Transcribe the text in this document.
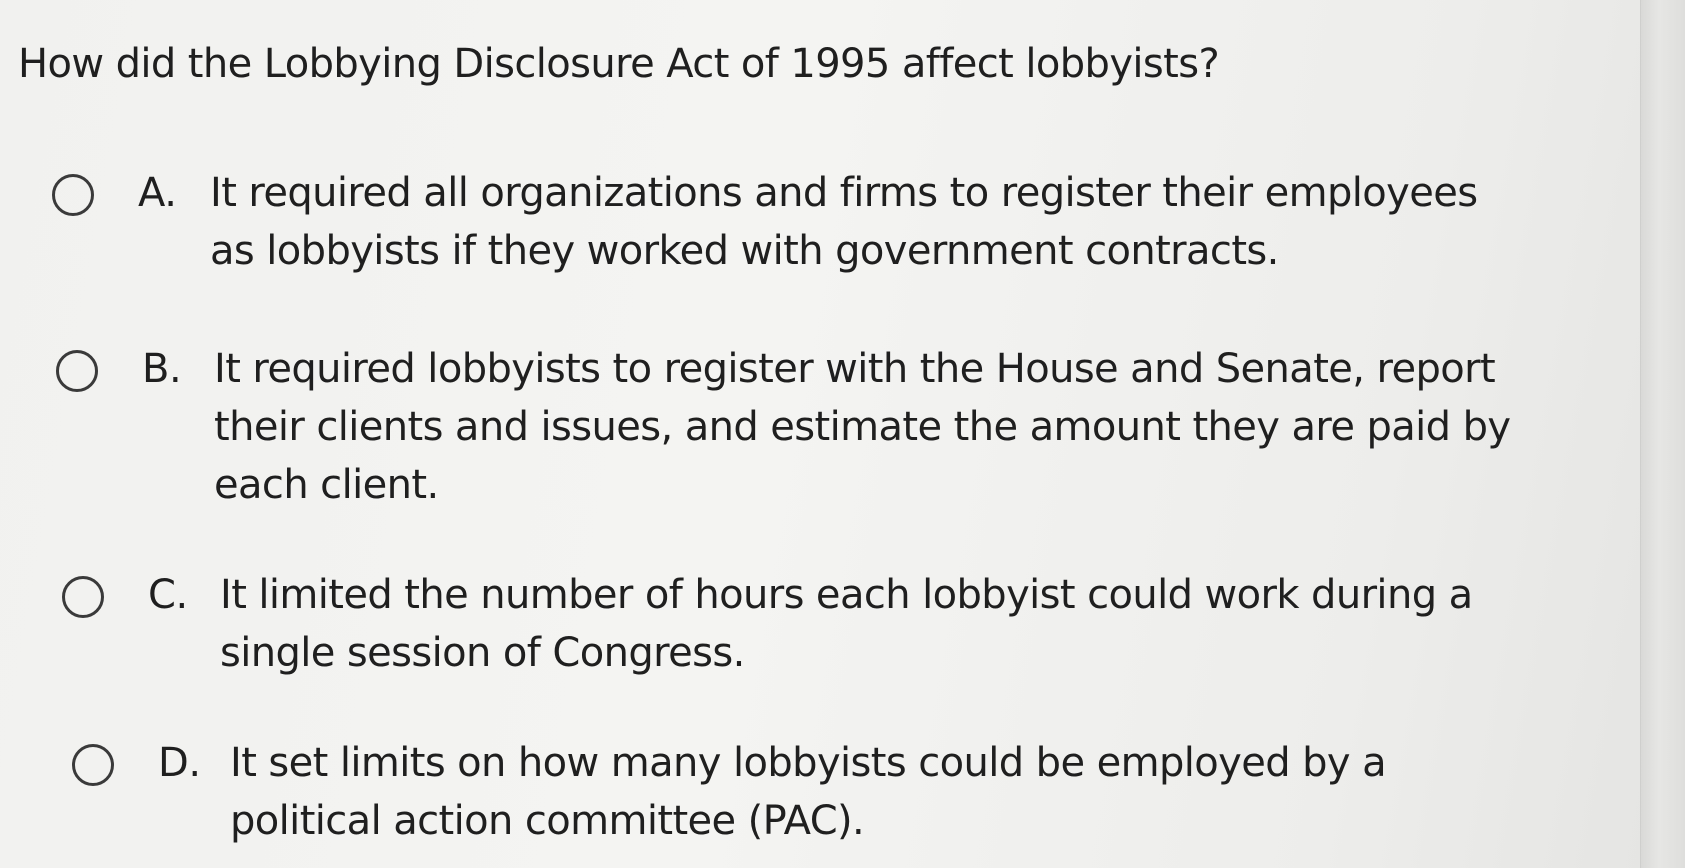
How did the Lobbying Disclosure Act of 1995 affect lobbyists?
A. It required all organizations and firms to register their employees
as lobbyists if they worked with government contracts.
B. It required lobbyists to register with the House and Senate, report
their clients and issues, and estimate the amount they are paid by
each client.
C. It limited the number of hours each lobbyist could work during a
single session of Congress.
D. It set limits on how many lobbyists could be employed by a
political action committee (PAC).
